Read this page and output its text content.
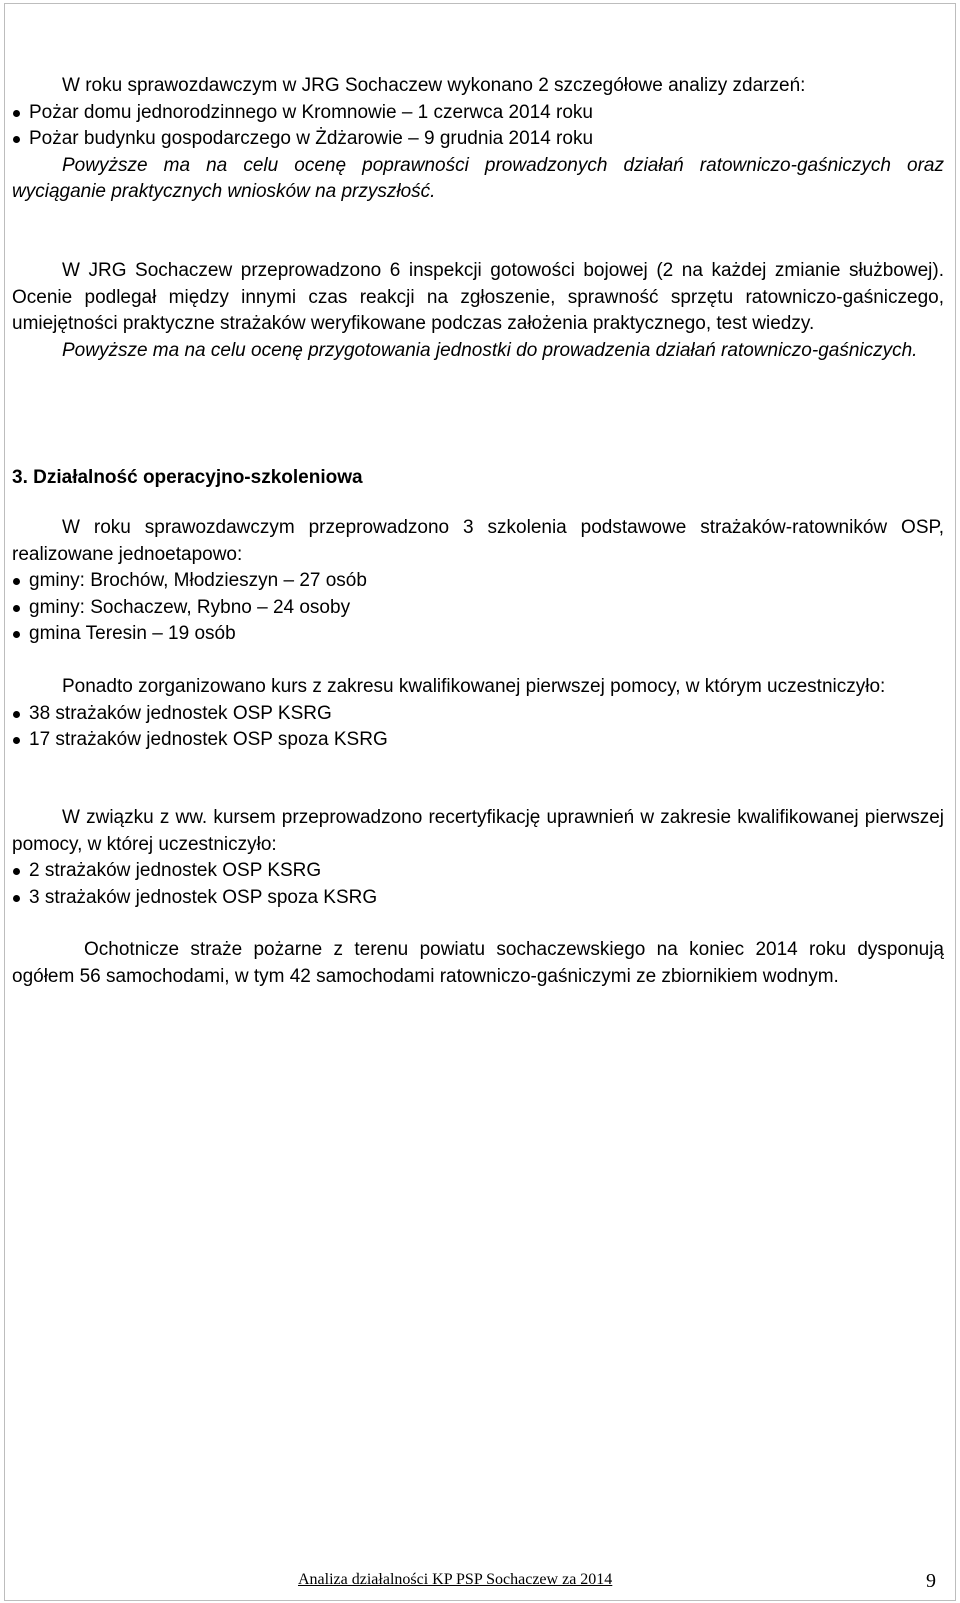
W roku sprawozdawczym w JRG Sochaczew wykonano 2 szczegółowe analizy zdarzeń:

Pożar domu jednorodzinnego w Kromnowie – 1 czerwca 2014 roku
Pożar budynku gospodarczego w Żdżarowie – 9 grudnia 2014 roku

Powyższe ma na celu ocenę poprawności prowadzonych działań ratowniczo-gaśniczych oraz wyciąganie praktycznych wniosków na przyszłość.

W JRG Sochaczew przeprowadzono 6 inspekcji gotowości bojowej (2 na każdej zmianie służbowej). Ocenie podlegał między innymi czas reakcji na zgłoszenie, sprawność sprzętu ratowniczo-gaśniczego, umiejętności praktyczne strażaków weryfikowane podczas założenia praktycznego, test wiedzy.

Powyższe ma na celu ocenę przygotowania jednostki do prowadzenia działań ratowniczo-gaśniczych.

3. Działalność operacyjno-szkoleniowa

W roku sprawozdawczym przeprowadzono 3 szkolenia podstawowe strażaków-ratowników OSP, realizowane jednoetapowo:

gminy: Brochów, Młodzieszyn – 27 osób
gminy: Sochaczew, Rybno – 24 osoby
gmina Teresin – 19 osób

Ponadto zorganizowano kurs z zakresu kwalifikowanej pierwszej pomocy, w którym uczestniczyło:

38 strażaków jednostek OSP KSRG
17 strażaków jednostek OSP spoza KSRG

W związku z ww. kursem przeprowadzono recertyfikację uprawnień w zakresie kwalifikowanej pierwszej pomocy, w której uczestniczyło:

2 strażaków jednostek OSP KSRG
3 strażaków jednostek OSP spoza KSRG

Ochotnicze straże pożarne z terenu powiatu sochaczewskiego na koniec 2014 roku dysponują ogółem 56 samochodami, w tym 42 samochodami ratowniczo-gaśniczymi ze zbiornikiem wodnym.

Analiza działalności KP PSP Sochaczew za 2014	9
